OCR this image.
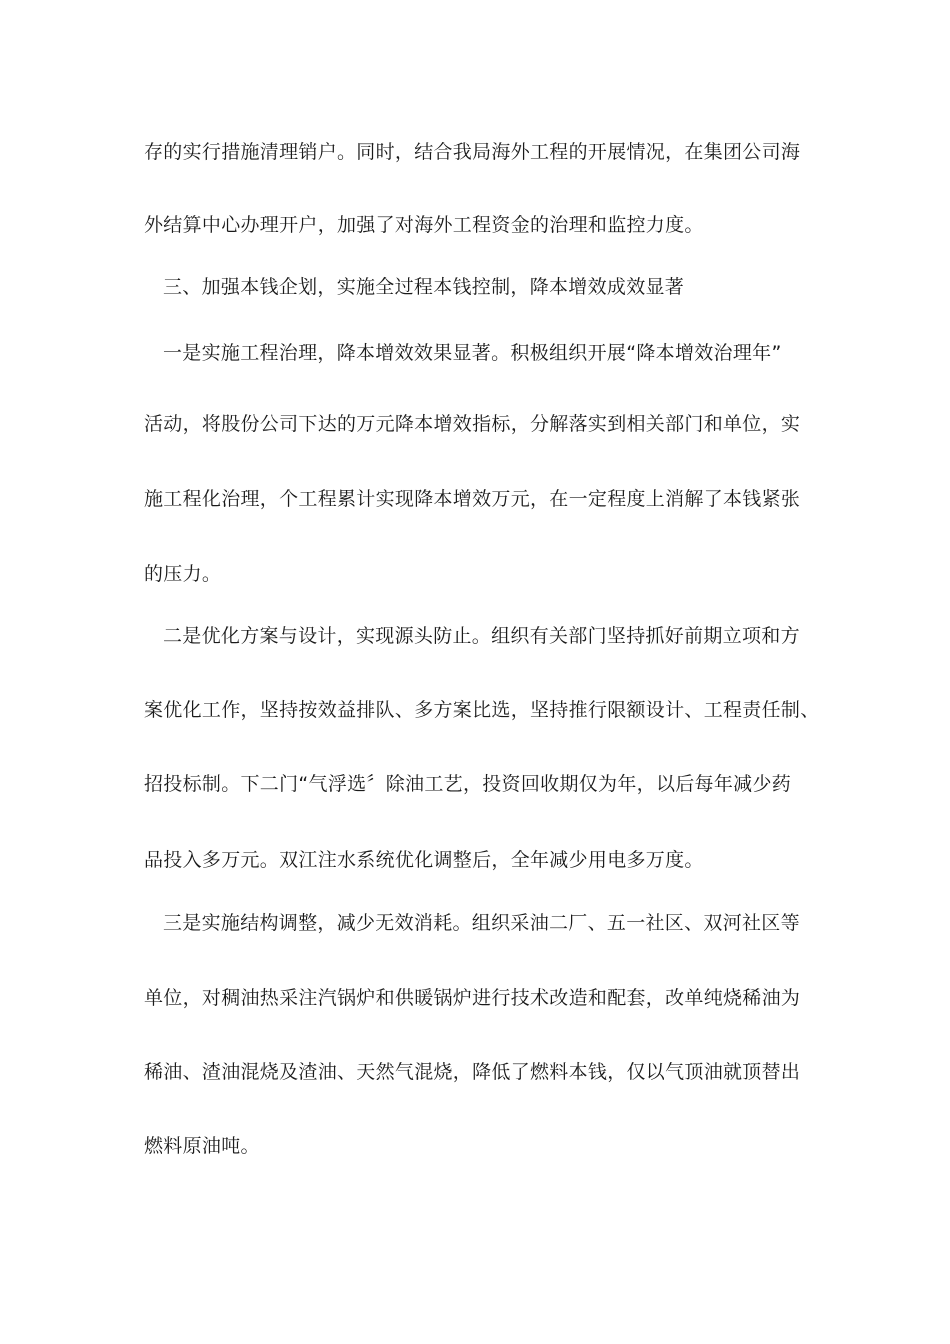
存的实行措施清理销户。同时，结合我局海外工程的开展情况，在集团公司海
外结算中心办理开户，加强了对海外工程资金的治理和监控力度。
三、加强本钱企划，实施全过程本钱控制，降本增效成效显著
一是实施工程治理，降本增效效果显著。积极组织开展“降本增效治理年”
活动，将股份公司下达的万元降本增效指标，分解落实到相关部门和单位，实
施工程化治理，个工程累计实现降本增效万元，在一定程度上消解了本钱紧张
的压力。
二是优化方案与设计，实现源头防止。组织有关部门坚持抓好前期立项和方
案优化工作，坚持按效益排队、多方案比选，坚持推行限额设计、工程责任制、
招投标制。下二门“气浮选〞除油工艺，投资回收期仅为年，以后每年减少药
品投入多万元。双江注水系统优化调整后，全年减少用电多万度。
三是实施结构调整，减少无效消耗。组织采油二厂、五一社区、双河社区等
单位，对稠油热采注汽锅炉和供暖锅炉进行技术改造和配套，改单纯烧稀油为
稀油、渣油混烧及渣油、天然气混烧，降低了燃料本钱，仅以气顶油就顶替出
燃料原油吨。
